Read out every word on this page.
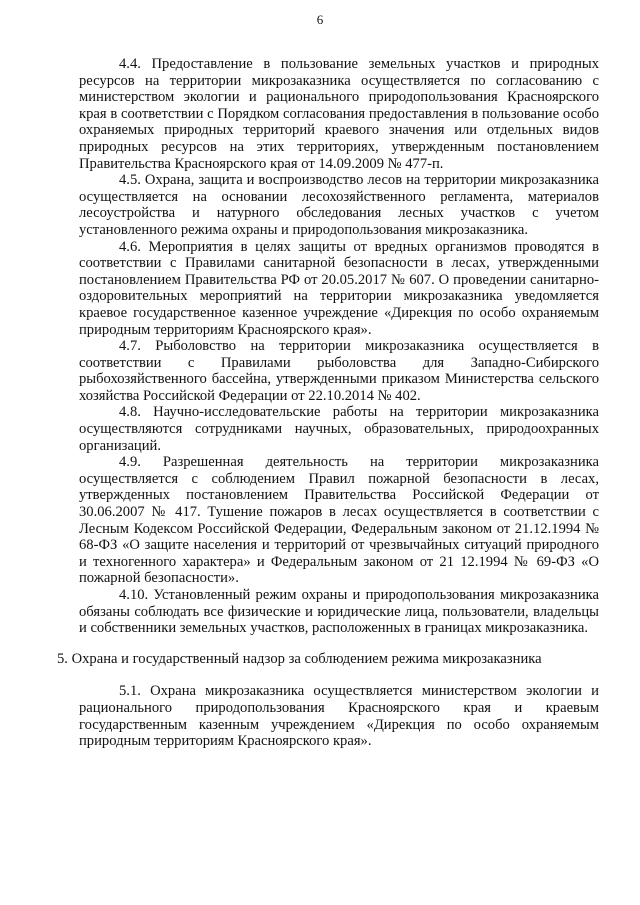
6

4.4. Предоставление в пользование земельных участков и природных ресурсов на территории микрозаказника осуществляется по согласованию с министерством экологии и рационального природопользования Красноярского края в соответствии с Порядком согласования предоставления в пользование особо охраняемых природных территорий краевого значения или отдельных видов природных ресурсов на этих территориях, утвержденным постановлением Правительства Красноярского края от 14.09.2009 № 477-п.

4.5. Охрана, защита и воспроизводство лесов на территории микрозаказника осуществляется на основании лесохозяйственного регламента, материалов лесоустройства и натурного обследования лесных участков с учетом установленного режима охраны и природопользования микрозаказника.

4.6. Мероприятия в целях защиты от вредных организмов проводятся в соответствии с Правилами санитарной безопасности в лесах, утвержденными постановлением Правительства РФ от 20.05.2017 № 607. О проведении санитарно-оздоровительных мероприятий на территории микрозаказника уведомляется краевое государственное казенное учреждение «Дирекция по особо охраняемым природным территориям Красноярского края».

4.7. Рыболовство на территории микрозаказника осуществляется в соответствии с Правилами рыболовства для Западно-Сибирского рыбохозяйственного бассейна, утвержденными приказом Министерства сельского хозяйства Российской Федерации от 22.10.2014 № 402.

4.8. Научно-исследовательские работы на территории микрозаказника осуществляются сотрудниками научных, образовательных, природоохранных организаций.

4.9. Разрешенная деятельность на территории микрозаказника осуществляется с соблюдением Правил пожарной безопасности в лесах, утвержденных постановлением Правительства Российской Федерации от 30.06.2007 № 417. Тушение пожаров в лесах осуществляется в соответствии с Лесным Кодексом Российской Федерации, Федеральным законом от 21.12.1994 № 68-ФЗ «О защите населения и территорий от чрезвычайных ситуаций природного и техногенного характера» и Федеральным законом от 21 12.1994 № 69-ФЗ «О пожарной безопасности».

4.10. Установленный режим охраны и природопользования микрозаказника обязаны соблюдать все физические и юридические лица, пользователи, владельцы и собственники земельных участков, расположенных в границах микрозаказника.

5. Охрана и государственный надзор за соблюдением режима микрозаказника

5.1. Охрана микрозаказника осуществляется министерством экологии и рационального природопользования Красноярского края и краевым государственным казенным учреждением «Дирекция по особо охраняемым природным территориям Красноярского края».
